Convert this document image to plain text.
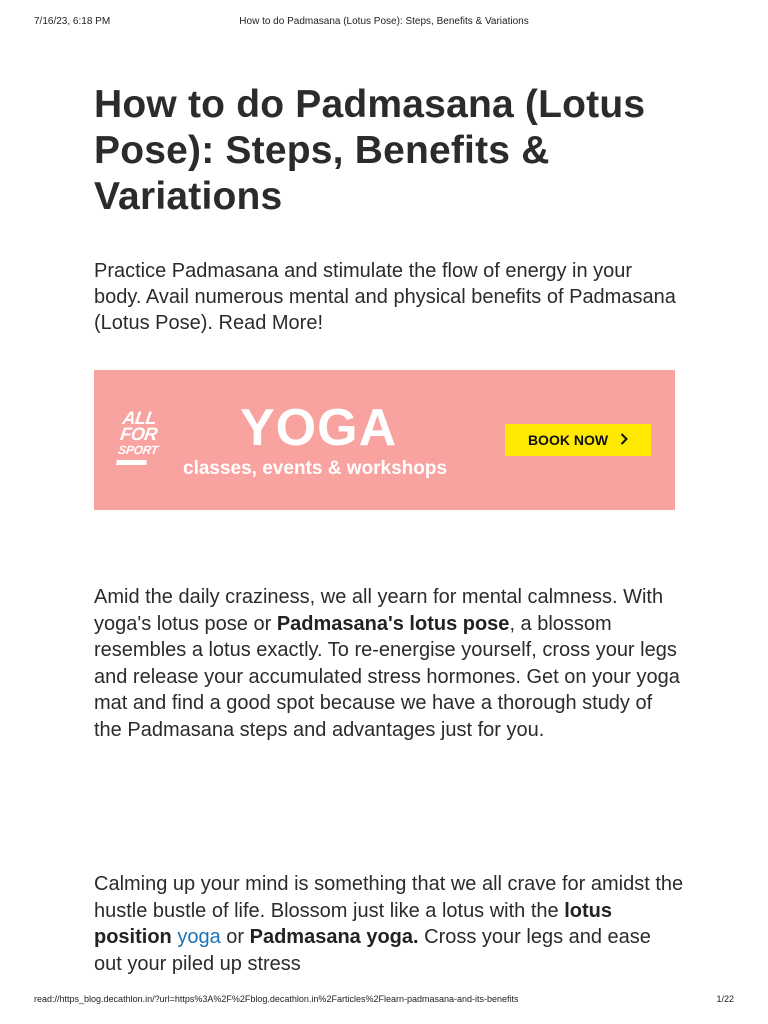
7/16/23, 6:18 PM	How to do Padmasana (Lotus Pose): Steps, Benefits & Variations
How to do Padmasana (Lotus Pose): Steps, Benefits & Variations

Practice Padmasana and stimulate the flow of energy in your body. Avail numerous mental and physical benefits of Padmasana (Lotus Pose). Read More!

ALL
FOR
SPORT YOGA
classes, events & workshops
BOOK NOW

Amid the daily craziness, we all yearn for mental calmness. With yoga's lotus pose or Padmasana's lotus pose, a blossom resembles a lotus exactly. To re-energise yourself, cross your legs and release your accumulated stress hormones. Get on your yoga mat and find a good spot because we have a thorough study of the Padmasana steps and advantages just for you.

Calming up your mind is something that we all crave for amidst the hustle bustle of life. Blossom just like a lotus with the lotus position yoga or Padmasana yoga. Cross your legs and ease out your piled up stress

read://https_blog.decathlon.in/?url=https%3A%2F%2Fblog.decathlon.in%2Farticles%2Flearn-padmasana-and-its-benefits	1/22
